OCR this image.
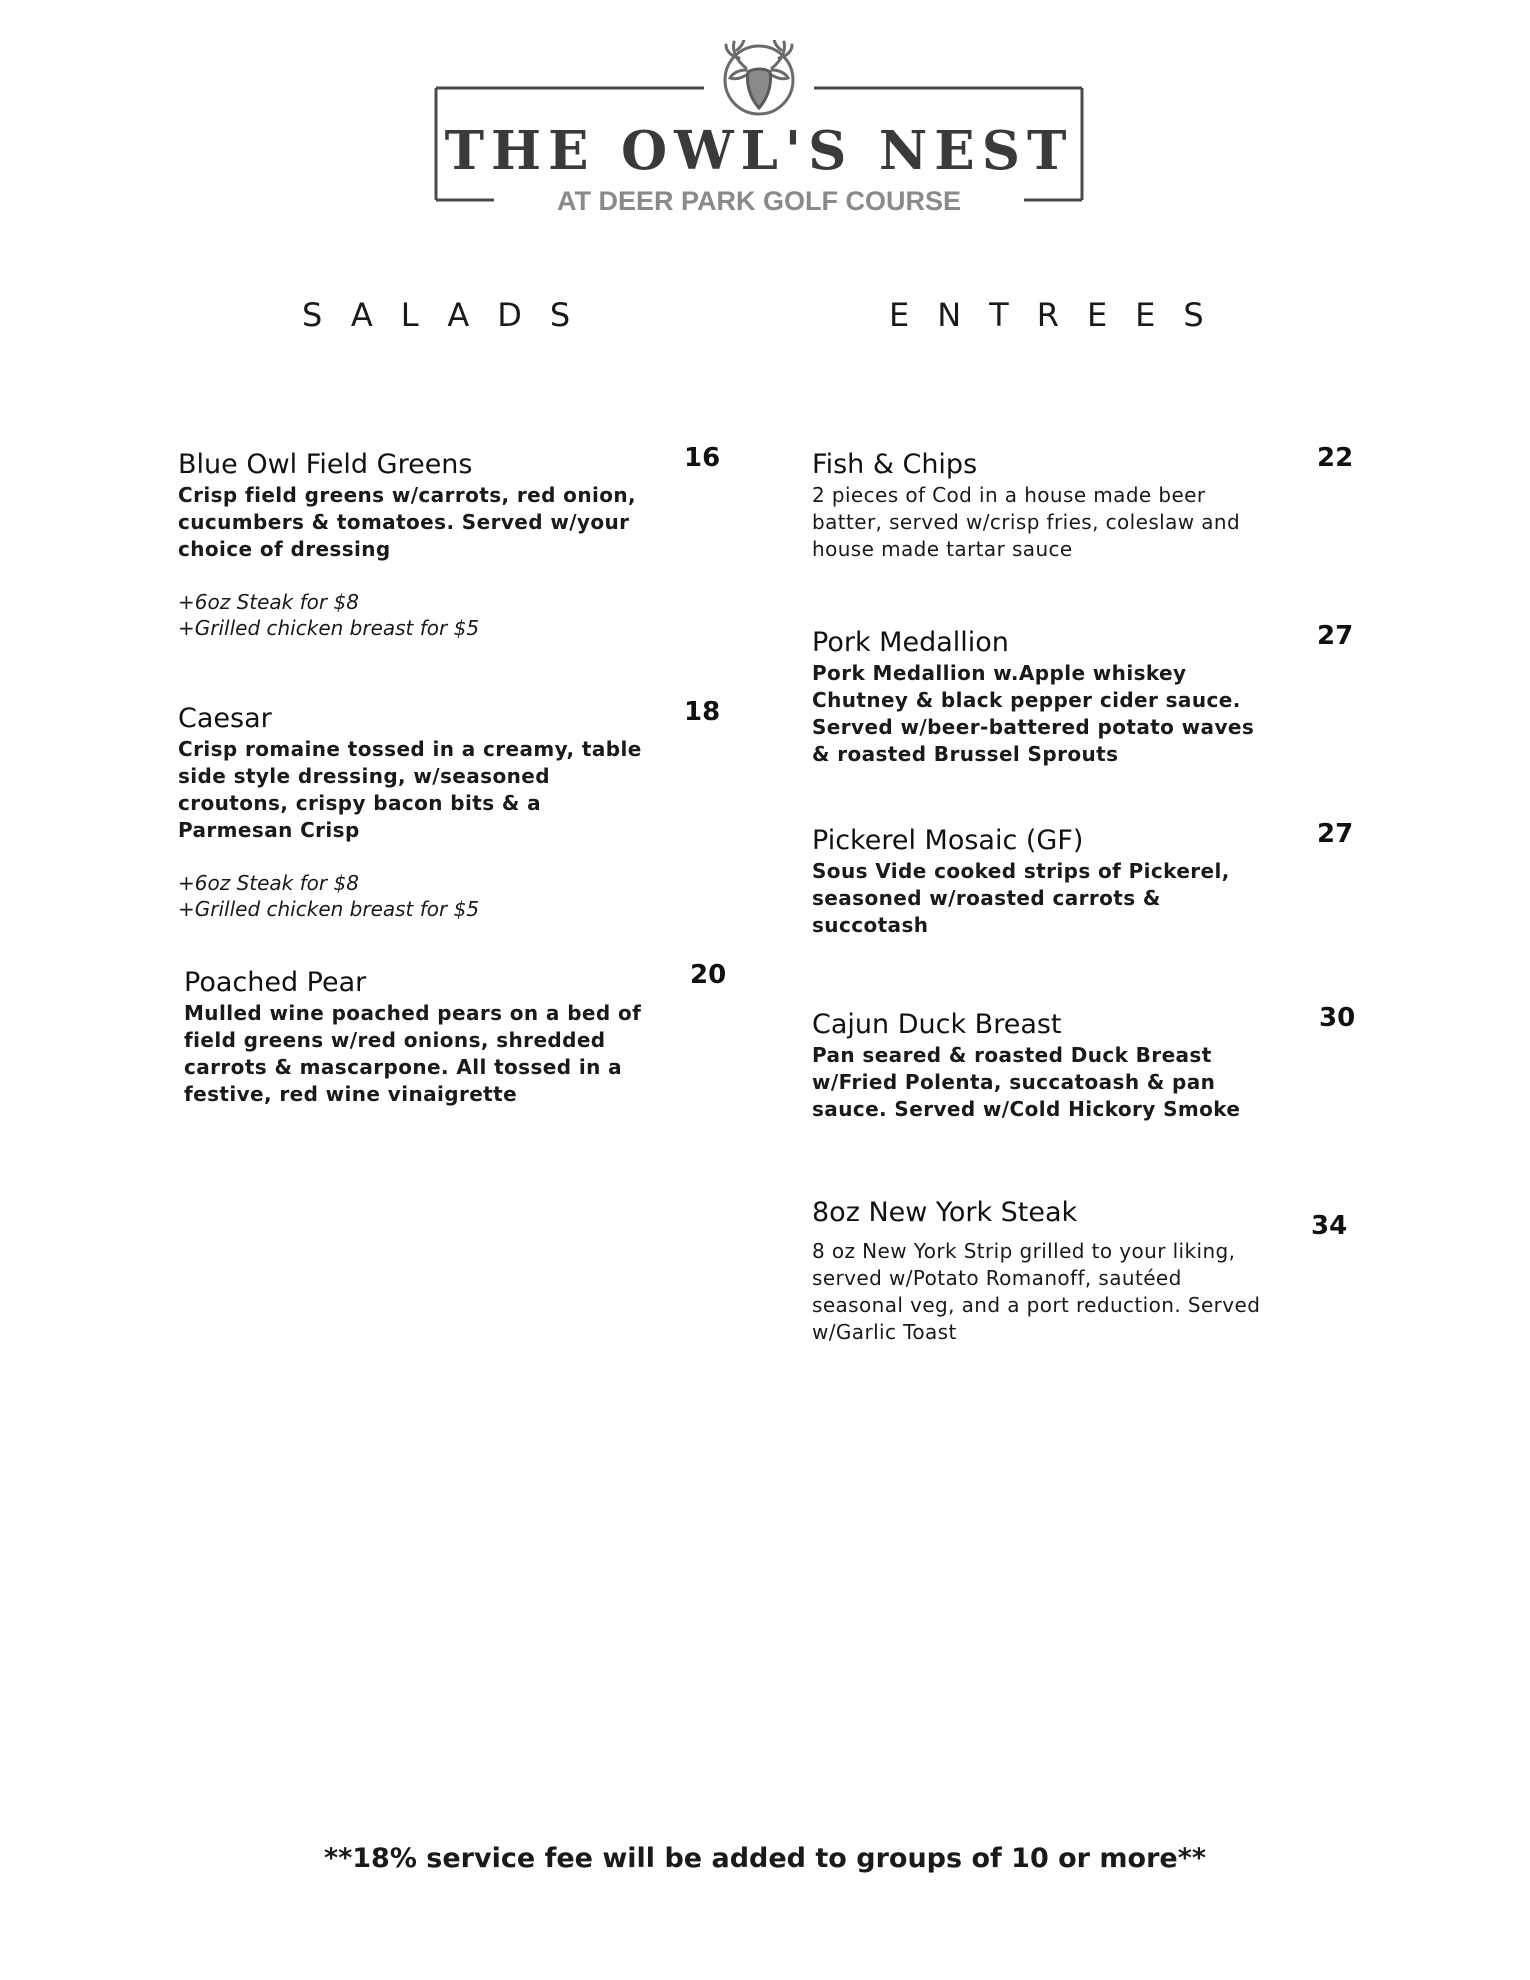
THE OWL'S NEST
AT DEER PARK GOLF COURSE
SALADS	ENTREES
Blue Owl Field Greens
Crisp field greens w/carrots, red onion, cucumbers & tomatoes. Served w/your choice of dressing
+6oz Steak for $8
+Grilled chicken breast for $5
16
Caesar
Crisp romaine tossed in a creamy, table side style dressing, w/seasoned croutons, crispy bacon bits & a Parmesan Crisp
+6oz Steak for $8
+Grilled chicken breast for $5
18
Poached Pear
Mulled wine poached pears on a bed of field greens w/red onions, shredded carrots & mascarpone. All tossed in a festive, red wine vinaigrette
20
Fish & Chips
2 pieces of Cod in a house made beer batter, served w/crisp fries, coleslaw and house made tartar sauce
22
Pork Medallion
Pork Medallion w.Apple whiskey Chutney & black pepper cider sauce. Served w/beer-battered potato waves & roasted Brussel Sprouts
27
Pickerel Mosaic (GF)
Sous Vide cooked strips of Pickerel, seasoned w/roasted carrots & succotash
27
Cajun Duck Breast
Pan seared & roasted Duck Breast w/Fried Polenta, succatoash & pan sauce. Served w/Cold Hickory Smoke
30
8oz New York Steak
8 oz New York Strip grilled to your liking, served w/Potato Romanoff, sautéed seasonal veg, and a port reduction. Served w/Garlic Toast
34
**18% service fee will be added to groups of 10 or more**
